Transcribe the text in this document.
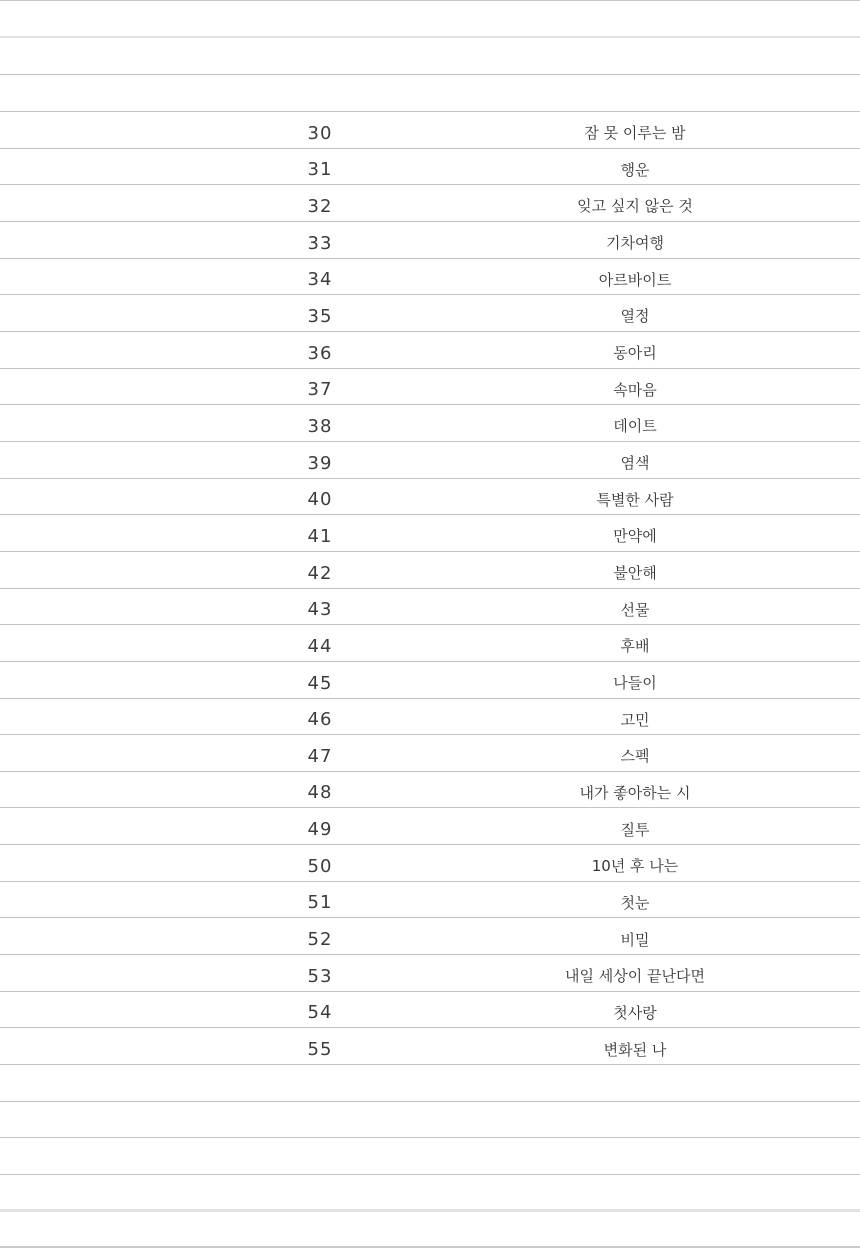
30	잠 못 이루는 밤
31	행운
32	잊고 싶지 않은 것
33	기차여행
34	아르바이트
35	열정
36	동아리
37	속마음
38	데이트
39	염색
40	특별한 사람
41	만약에
42	불안해
43	선물
44	후배
45	나들이
46	고민
47	스펙
48	내가 좋아하는 시
49	질투
50	10년 후 나는
51	첫눈
52	비밀
53	내일 세상이 끝난다면
54	첫사랑
55	변화된 나
